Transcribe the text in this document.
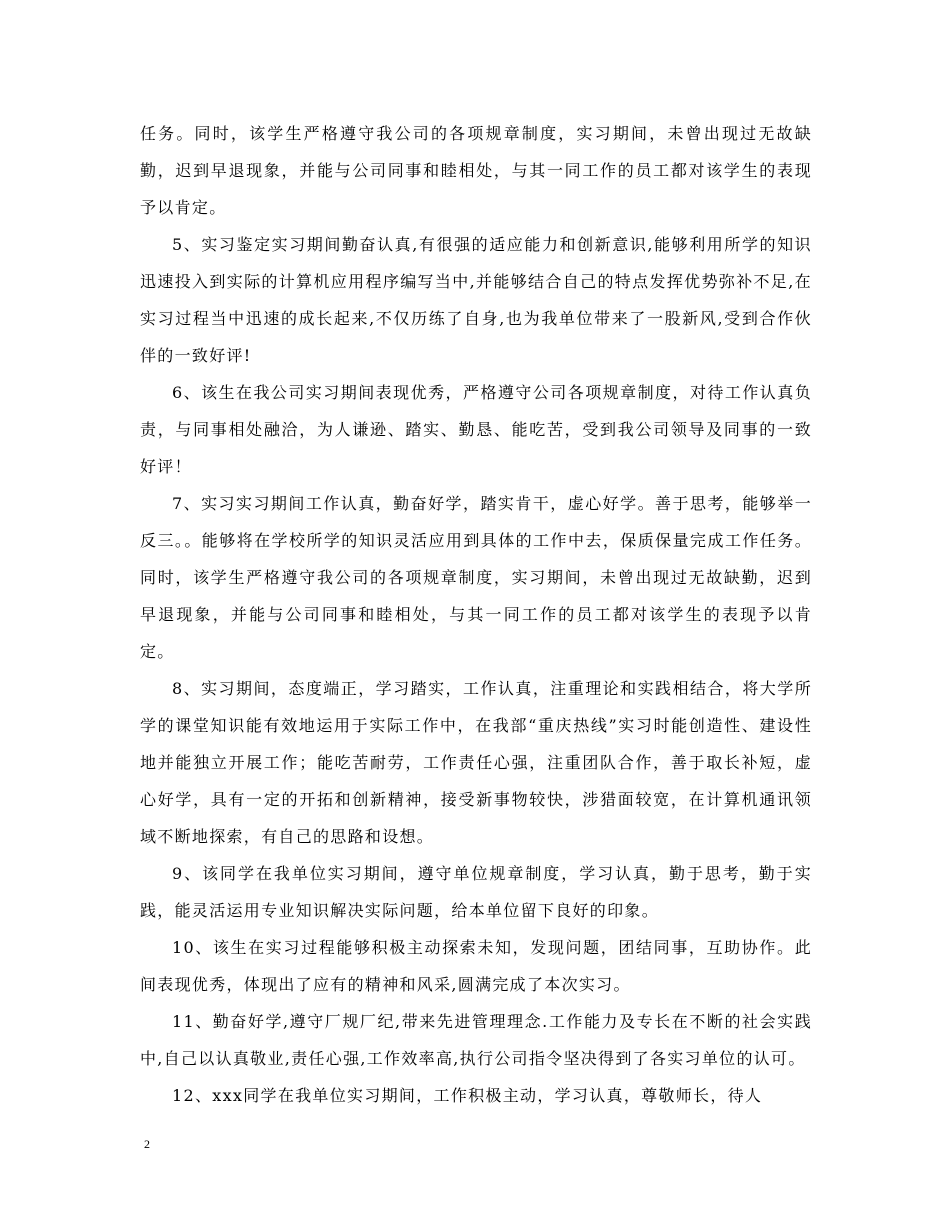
任务。同时，该学生严格遵守我公司的各项规章制度，实习期间，未曾出现过无故缺勤，迟到早退现象，并能与公司同事和睦相处，与其一同工作的员工都对该学生的表现予以肯定。

5、实习鉴定实习期间勤奋认真,有很强的适应能力和创新意识,能够利用所学的知识迅速投入到实际的计算机应用程序编写当中,并能够结合自己的特点发挥优势弥补不足,在实习过程当中迅速的成长起来,不仅历练了自身,也为我单位带来了一股新风,受到合作伙伴的一致好评!

6、该生在我公司实习期间表现优秀，严格遵守公司各项规章制度，对待工作认真负责，与同事相处融洽，为人谦逊、踏实、勤恳、能吃苦，受到我公司领导及同事的一致好评！

7、实习实习期间工作认真，勤奋好学，踏实肯干，虚心好学。善于思考，能够举一反三。。能够将在学校所学的知识灵活应用到具体的工作中去，保质保量完成工作任务。同时，该学生严格遵守我公司的各项规章制度，实习期间，未曾出现过无故缺勤，迟到早退现象，并能与公司同事和睦相处，与其一同工作的员工都对该学生的表现予以肯定。

8、实习期间，态度端正，学习踏实，工作认真，注重理论和实践相结合，将大学所学的课堂知识能有效地运用于实际工作中，在我部“重庆热线”实习时能创造性、建设性地并能独立开展工作；能吃苦耐劳，工作责任心强，注重团队合作，善于取长补短，虚心好学，具有一定的开拓和创新精神，接受新事物较快，涉猎面较宽，在计算机通讯领域不断地探索，有自己的思路和设想。

9、该同学在我单位实习期间，遵守单位规章制度，学习认真，勤于思考，勤于实践，能灵活运用专业知识解决实际问题，给本单位留下良好的印象。

10、该生在实习过程能够积极主动探索未知，发现问题，团结同事，互助协作。此间表现优秀，体现出了应有的精神和风采,圆满完成了本次实习。

11、勤奋好学,遵守厂规厂纪,带来先进管理理念.工作能力及专长在不断的社会实践中,自己以认真敬业,责任心强,工作效率高,执行公司指令坚决得到了各实习单位的认可。

12、xxx同学在我单位实习期间，工作积极主动，学习认真，尊敬师长，待人

2
